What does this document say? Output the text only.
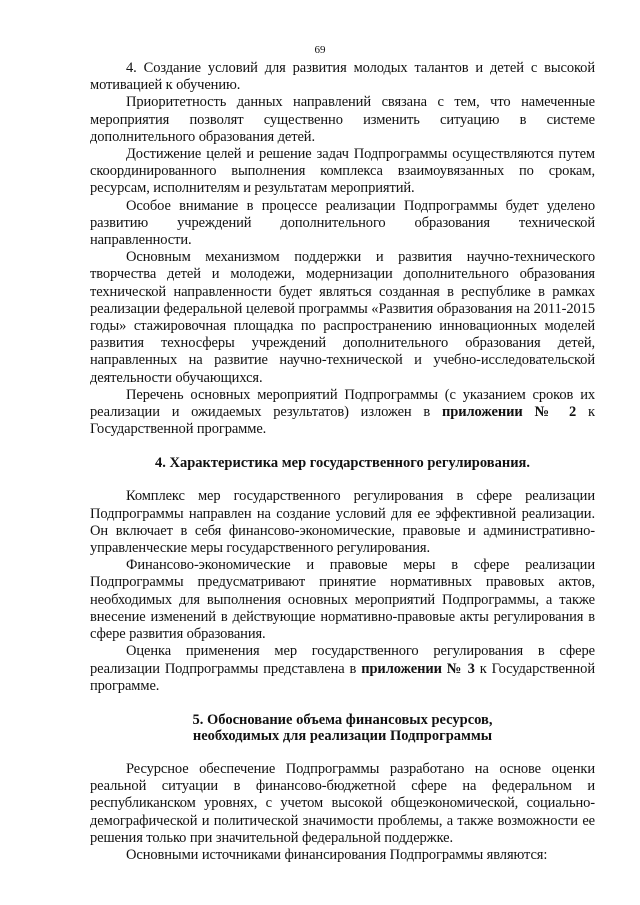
69

4. Создание условий для развития молодых талантов и детей с высокой мотивацией к обучению.

Приоритетность данных направлений связана с тем, что намеченные мероприятия позволят существенно изменить ситуацию в системе дополнительного образования детей.

Достижение целей и решение задач Подпрограммы осуществляются путем скоординированного выполнения комплекса взаимоувязанных по срокам, ресурсам, исполнителям и результатам мероприятий.

Особое внимание в процессе реализации Подпрограммы будет уделено развитию учреждений дополнительного образования технической направленности.

Основным механизмом поддержки и развития научно-технического творчества детей и молодежи, модернизации дополнительного образования технической направленности будет являться созданная в республике в рамках реализации федеральной целевой программы «Развития образования на 2011-2015 годы» стажировочная площадка по распространению инновационных моделей развития техносферы учреждений дополнительного образования детей, направленных на развитие научно-технической и учебно-исследовательской деятельности обучающихся.

Перечень основных мероприятий Подпрограммы (с указанием сроков их реализации и ожидаемых результатов) изложен в приложении № 2 к Государственной программе.

4. Характеристика мер государственного регулирования.

Комплекс мер государственного регулирования в сфере реализации Подпрограммы направлен на создание условий для ее эффективной реализации. Он включает в себя финансово-экономические, правовые и административно-управленческие меры государственного регулирования.

Финансово-экономические и правовые меры в сфере реализации Подпрограммы предусматривают принятие нормативных правовых актов, необходимых для выполнения основных мероприятий Подпрограммы, а также внесение изменений в действующие нормативно-правовые акты регулирования в сфере развития образования.

Оценка применения мер государственного регулирования в сфере реализации Подпрограммы представлена в приложении № 3 к Государственной программе.

5. Обоснование объема финансовых ресурсов,
необходимых для реализации Подпрограммы

Ресурсное обеспечение Подпрограммы разработано на основе оценки реальной ситуации в финансово-бюджетной сфере на федеральном и республиканском уровнях, с учетом высокой общеэкономической, социально-демографической и политической значимости проблемы, а также возможности ее решения только при значительной федеральной поддержке.

Основными источниками финансирования Подпрограммы являются:
